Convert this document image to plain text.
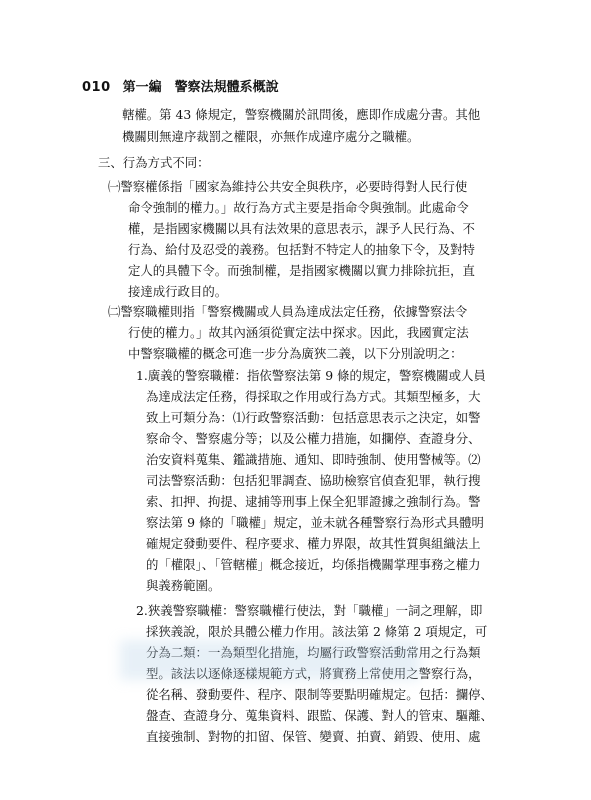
010 第一編　警察法規體系概說
轄權。第 43 條規定，警察機關於訊問後，應即作成處分書。其他
機關則無違序裁罰之權限，亦無作成違序處分之職權。
三、行為方式不同：
㈠警察權係指「國家為維持公共安全與秩序，必要時得對人民行使
命令強制的權力。」故行為方式主要是指命令與強制。此處命令
權，是指國家機關以具有法效果的意思表示，課予人民行為、不
行為、給付及忍受的義務。包括對不特定人的抽象下令，及對特
定人的具體下令。而強制權，是指國家機關以實力排除抗拒，直
接達成行政目的。
㈡警察職權則指「警察機關或人員為達成法定任務，依據警察法令
行使的權力。」故其內涵須從實定法中探求。因此，我國實定法
中警察職權的概念可進一步分為廣狹二義，以下分別說明之：
1.廣義的警察職權：指依警察法第 9 條的規定，警察機關或人員
為達成法定任務，得採取之作用或行為方式。其類型極多，大
致上可類分為：⑴行政警察活動：包括意思表示之決定，如警
察命令、警察處分等；以及公權力措施，如攔停、查證身分、
治安資料蒐集、鑑識措施、通知、即時強制、使用警械等。⑵
司法警察活動：包括犯罪調查、協助檢察官偵查犯罪，執行搜
索、扣押、拘提、逮捕等刑事上保全犯罪證據之強制行為。警
察法第 9 條的「職權」規定，並未就各種警察行為形式具體明
確規定發動要件、程序要求、權力界限，故其性質與組織法上
的「權限」、「管轄權」概念接近，均係指機關掌理事務之權力
與義務範圍。
2.狹義警察職權：警察職權行使法，對「職權」一詞之理解，即
採狹義說，限於具體公權力作用。該法第 2 條第 2 項規定，可
分為二類：一為類型化措施，均屬行政警察活動常用之行為類
型。該法以逐條逐樣規範方式，將實務上常使用之警察行為，
從名稱、發動要件、程序、限制等要點明確規定。包括：攔停、
盤查、查證身分、蒐集資料、跟監、保護、對人的管束、驅離、
直接強制、對物的扣留、保管、變賣、拍賣、銷毀、使用、處
